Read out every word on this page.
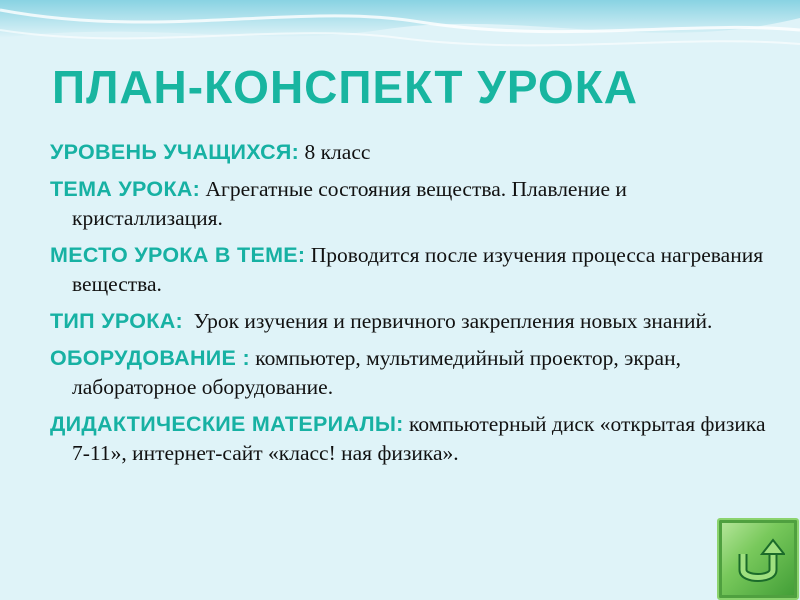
ПЛАН-КОНСПЕКТ УРОКА

УРОВЕНЬ УЧАЩИХСЯ: 8 класс

ТЕМА УРОКА: Агрегатные состояния вещества. Плавление и кристаллизация.

МЕСТО УРОКА В ТЕМЕ: Проводится после изучения процесса нагревания вещества.

ТИП УРОКА:  Урок изучения и первичного закрепления новых знаний.

ОБОРУДОВАНИЕ : компьютер, мультимедийный проектор, экран, лабораторное оборудование.

ДИДАКТИЧЕСКИЕ МАТЕРИАЛЫ: компьютерный диск «открытая физика 7-11», интернет-сайт «класс! ная физика».
